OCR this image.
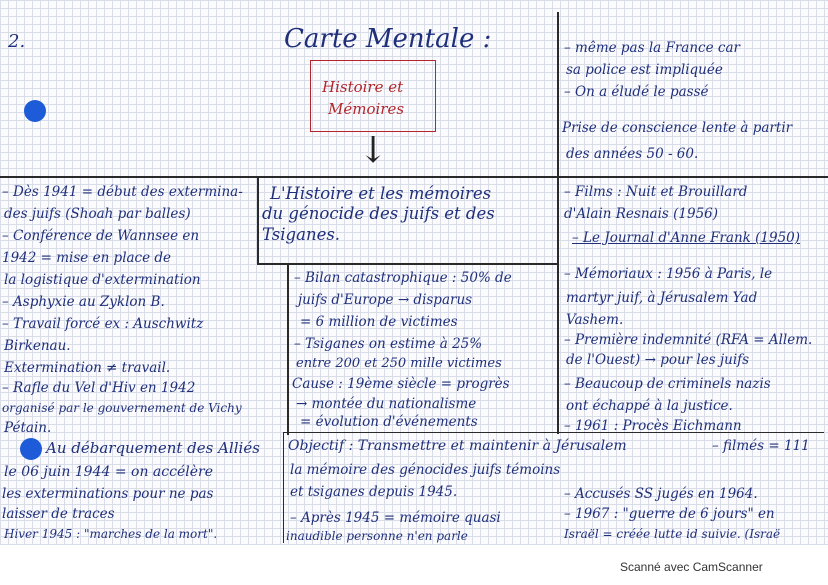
2.	Carte Mentale :
Histoire et
Mémoires
↓
L'Histoire et les mémoires
du génocide des juifs et des
Tsiganes.
– même pas la France car
sa police est impliquée
– On a éludé le passé
Prise de conscience lente à partir
des années 50 - 60.
– Films : Nuit et Brouillard
d'Alain Resnais (1956)
– Le Journal d'Anne Frank (1950)
– Dès 1941 = début des extermina-
des juifs (Shoah par balles)
– Conférence de Wannsee en
1942 = mise en place de
la logistique d'extermination
– Asphyxie au Zyklon B.
– Travail forcé ex : Auschwitz
Birkenau.
Extermination ≠ travail.
– Rafle du Vel d'Hiv en 1942
organisé par le gouvernement de Vichy
Pétain.
Au débarquement des Alliés
le 06 juin 1944 = on accélère
les exterminations pour ne pas
laisser de traces
Hiver 1945 : "marches de la mort".
– Bilan catastrophique : 50% de
juifs d'Europe → disparus
= 6 million de victimes
– Tsiganes on estime à 25%
entre 200 et 250 mille victimes
Cause : 19ème siècle = progrès
→ montée du nationalisme
= évolution d'événements
– Mémoriaux : 1956 à Paris, le
martyr juif, à Jérusalem Yad
Vashem.
– Première indemnité (RFA = Allem.
de l'Ouest) → pour les juifs
– Beaucoup de criminels nazis
ont échappé à la justice.
– 1961 : Procès Eichmann
– filmés = 111
– Accusés SS jugés en 1964.
– 1967 : "guerre de 6 jours" en
Israël = créée lutte id suivie. (Israë
Objectif : Transmettre et maintenir à Jérusalem
la mémoire des génocides juifs témoins
et tsiganes depuis 1945.
– Après 1945 = mémoire quasi
inaudible personne n'en parle
Scanné avec CamScanner
